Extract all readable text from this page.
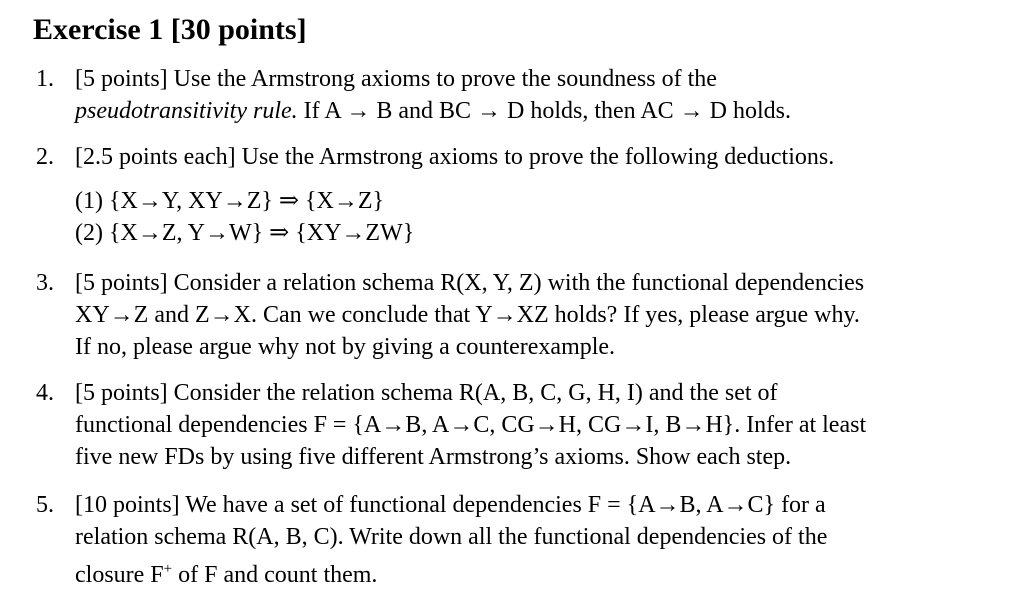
Exercise 1 [30 points]
1. [5 points] Use the Armstrong axioms to prove the soundness of the
pseudotransitivity rule. If A → B and BC → D holds, then AC → D holds.
2. [2.5 points each] Use the Armstrong axioms to prove the following deductions.
(1) {X→Y, XY→Z} ⇒ {X→Z}
(2) {X→Z, Y→W} ⇒ {XY→ZW}
3. [5 points] Consider a relation schema R(X, Y, Z) with the functional dependencies
XY→Z and Z→X. Can we conclude that Y→XZ holds? If yes, please argue why.
If no, please argue why not by giving a counterexample.
4. [5 points] Consider the relation schema R(A, B, C, G, H, I) and the set of
functional dependencies F = {A→B, A→C, CG→H, CG→I, B→H}. Infer at least
five new FDs by using five different Armstrong’s axioms. Show each step.
5. [10 points] We have a set of functional dependencies F = {A→B, A→C} for a
relation schema R(A, B, C). Write down all the functional dependencies of the
closure F+ of F and count them.
